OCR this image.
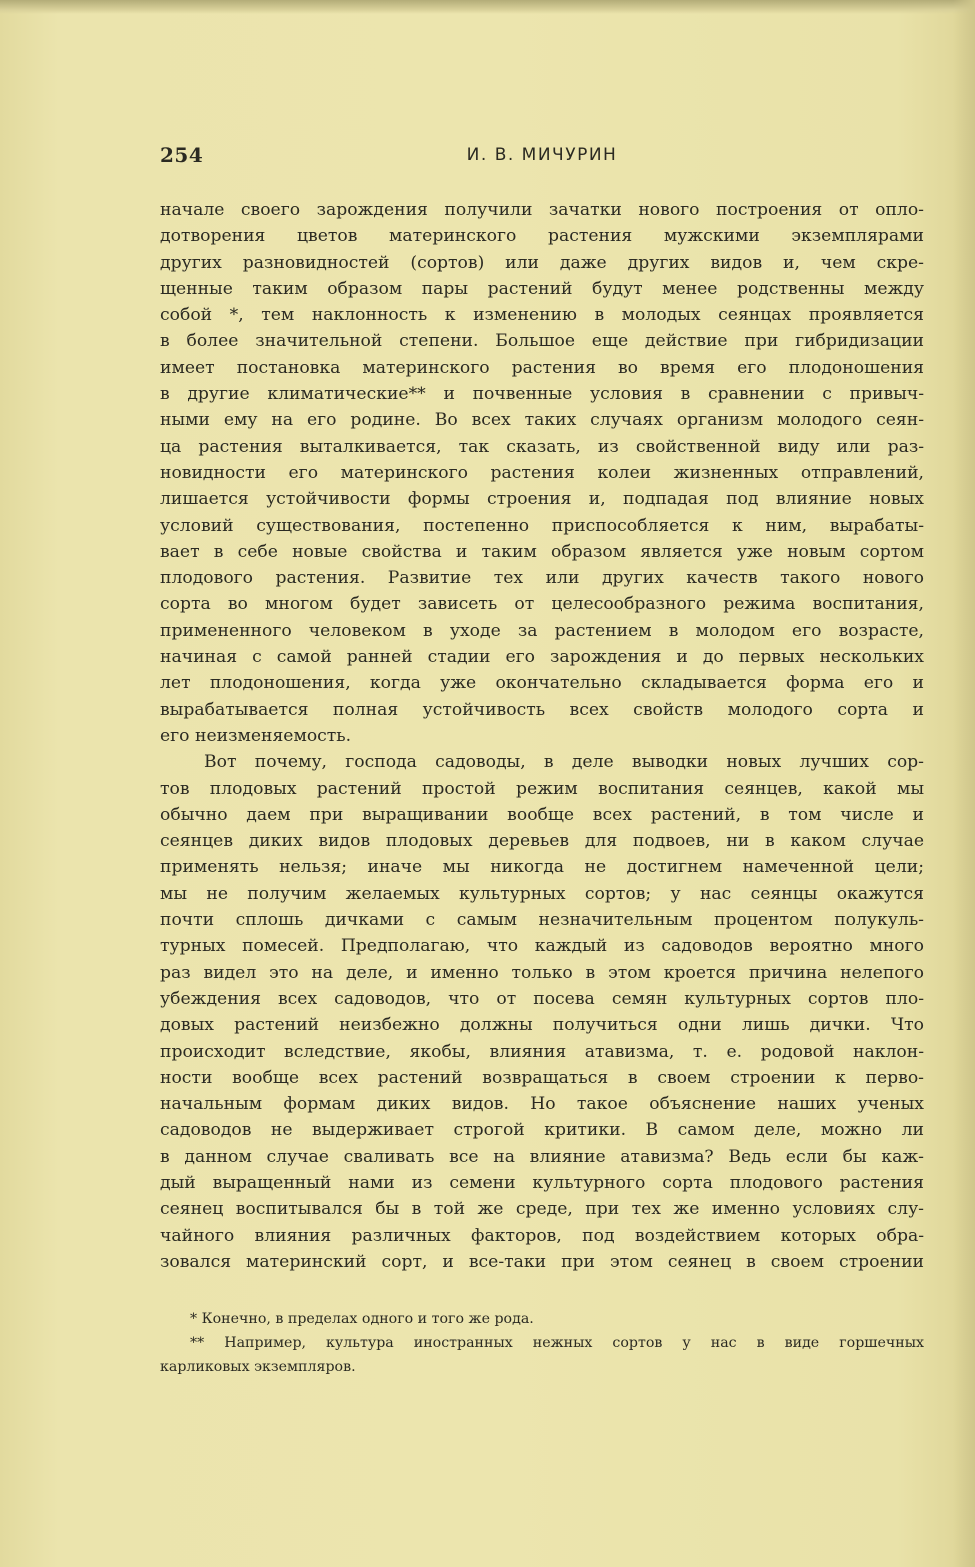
254	И. В. МИЧУРИН
начале своего зарождения получили зачатки нового построения от опло-
дотворения цветов материнского растения мужскими экземплярами
других разновидностей (сортов) или даже других видов и, чем скре-
щенные таким образом пары растений будут менее родственны между
собой *, тем наклонность к изменению в молодых сеянцах проявляется
в более значительной степени. Большое еще действие при гибридизации
имеет постановка материнского растения во время его плодоношения
в другие климатические** и почвенные условия в сравнении с привыч-
ными ему на его родине. Во всех таких случаях организм молодого сеян-
ца растения выталкивается, так сказать, из свойственной виду или раз-
новидности его материнского растения колеи жизненных отправлений,
лишается устойчивости формы строения и, подпадая под влияние новых
условий существования, постепенно приспособляется к ним, вырабаты-
вает в себе новые свойства и таким образом является уже новым сортом
плодового растения. Развитие тех или других качеств такого нового
сорта во многом будет зависеть от целесообразного режима воспитания,
примененного человеком в уходе за растением в молодом его возрасте,
начиная с самой ранней стадии его зарождения и до первых нескольких
лет плодоношения, когда уже окончательно складывается форма его и
вырабатывается полная устойчивость всех свойств молодого сорта и
его неизменяемость.
Вот почему, господа садоводы, в деле выводки новых лучших сор-
тов плодовых растений простой режим воспитания сеянцев, какой мы
обычно даем при выращивании вообще всех растений, в том числе и
сеянцев диких видов плодовых деревьев для подвоев, ни в каком случае
применять нельзя; иначе мы никогда не достигнем намеченной цели;
мы не получим желаемых культурных сортов; у нас сеянцы окажутся
почти сплошь дичками с самым незначительным процентом полукуль-
турных помесей. Предполагаю, что каждый из садоводов вероятно много
раз видел это на деле, и именно только в этом кроется причина нелепого
убеждения всех садоводов, что от посева семян культурных сортов пло-
довых растений неизбежно должны получиться одни лишь дички. Что
происходит вследствие, якобы, влияния атавизма, т. е. родовой наклон-
ности вообще всех растений возвращаться в своем строении к перво-
начальным формам диких видов. Но такое объяснение наших ученых
садоводов не выдерживает строгой критики. В самом деле, можно ли
в данном случае сваливать все на влияние атавизма? Ведь если бы каж-
дый выращенный нами из семени культурного сорта плодового растения
сеянец воспитывался бы в той же среде, при тех же именно условиях слу-
чайного влияния различных факторов, под воздействием которых обра-
зовался материнский сорт, и все-таки при этом сеянец в своем строении
* Конечно, в пределах одного и того же рода.
** Например, культура иностранных нежных сортов у нас в виде горшечных
карликовых экземпляров.
